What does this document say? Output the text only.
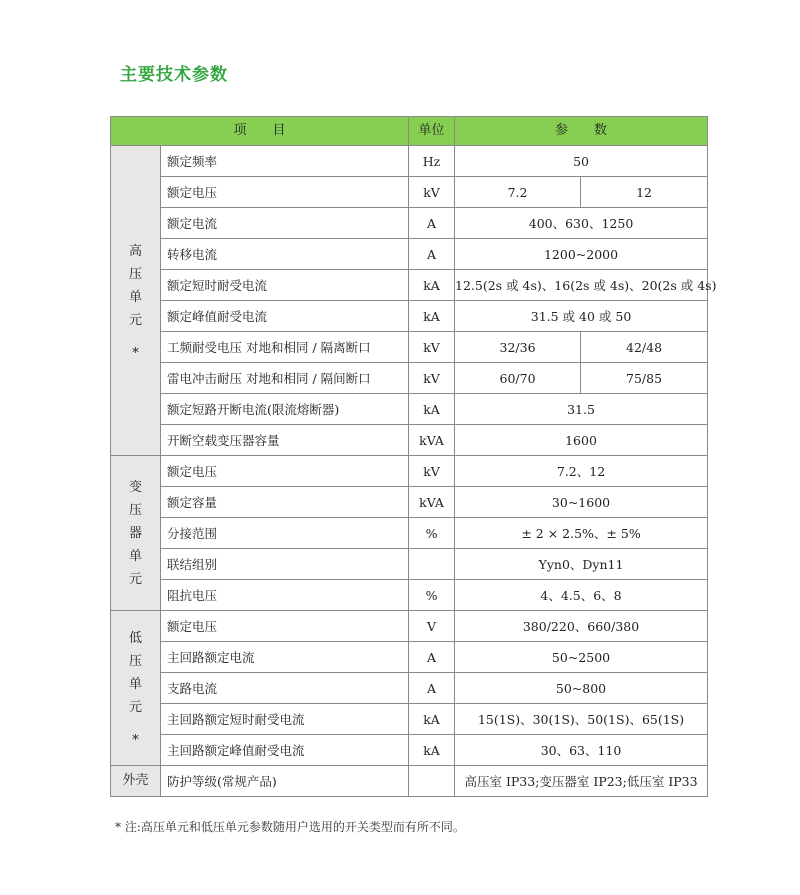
主要技术参数
项　　目		单位	参　　数	
高压单元
*	额定频率	Hz	50	
	额定电压	kV	7.2	12
	额定电流	A	400、630、1250	
	转移电流	A	1200~2000	
	额定短时耐受电流	kA	12.5(2s 或 4s)、16(2s 或 4s)、20(2s 或 4s)	
	额定峰值耐受电流	kA	31.5 或 40 或 50	
	工频耐受电压 对地和相同 / 隔离断口	kV	32/36	42/48
	雷电冲击耐压 对地和相同 / 隔间断口	kV	60/70	75/85
	额定短路开断电流(限流熔断器)	kA	31.5	
	开断空载变压器容量	kVA	1600	
变压器单元	额定电压	kV	7.2、12	
	额定容量	kVA	30~1600	
	分接范围	%	± 2 × 2.5%、± 5%	
	联结组别		Yyn0、Dyn11	
	阻抗电压	%	4、4.5、6、8	
低压单元
*	额定电压	V	380/220、660/380	
	主回路额定电流	A	50~2500	
	支路电流	A	50~800	
	主回路额定短时耐受电流	kA	15(1S)、30(1S)、50(1S)、65(1S)	
	主回路额定峰值耐受电流	kA	30、63、110	
外壳	防护等级(常规产品)		高压室 IP33;变压器室 IP23;低压室 IP33	
* 注:高压单元和低压单元参数随用户选用的开关类型而有所不同。
